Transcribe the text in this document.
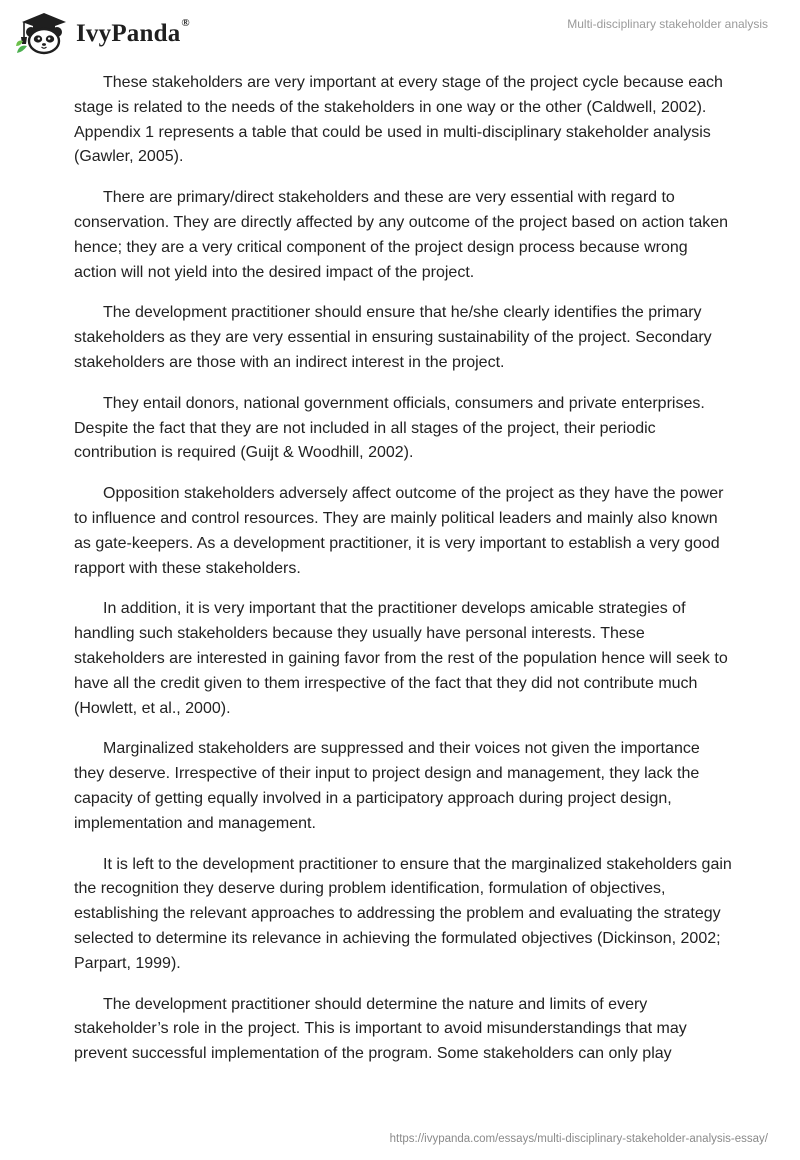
IvyPanda®	Multi-disciplinary stakeholder analysis

These stakeholders are very important at every stage of the project cycle because each stage is related to the needs of the stakeholders in one way or the other (Caldwell, 2002). Appendix 1 represents a table that could be used in multi-disciplinary stakeholder analysis (Gawler, 2005).

There are primary/direct stakeholders and these are very essential with regard to conservation. They are directly affected by any outcome of the project based on action taken hence; they are a very critical component of the project design process because wrong action will not yield into the desired impact of the project.

The development practitioner should ensure that he/she clearly identifies the primary stakeholders as they are very essential in ensuring sustainability of the project. Secondary stakeholders are those with an indirect interest in the project.

They entail donors, national government officials, consumers and private enterprises. Despite the fact that they are not included in all stages of the project, their periodic contribution is required (Guijt & Woodhill, 2002).

Opposition stakeholders adversely affect outcome of the project as they have the power to influence and control resources. They are mainly political leaders and mainly also known as gate-keepers. As a development practitioner, it is very important to establish a very good rapport with these stakeholders.

In addition, it is very important that the practitioner develops amicable strategies of handling such stakeholders because they usually have personal interests. These stakeholders are interested in gaining favor from the rest of the population hence will seek to have all the credit given to them irrespective of the fact that they did not contribute much (Howlett, et al., 2000).

Marginalized stakeholders are suppressed and their voices not given the importance they deserve. Irrespective of their input to project design and management, they lack the capacity of getting equally involved in a participatory approach during project design, implementation and management.

It is left to the development practitioner to ensure that the marginalized stakeholders gain the recognition they deserve during problem identification, formulation of objectives, establishing the relevant approaches to addressing the problem and evaluating the strategy selected to determine its relevance in achieving the formulated objectives (Dickinson, 2002; Parpart, 1999).

The development practitioner should determine the nature and limits of every stakeholder’s role in the project. This is important to avoid misunderstandings that may prevent successful implementation of the program. Some stakeholders can only play

https://ivypanda.com/essays/multi-disciplinary-stakeholder-analysis-essay/
